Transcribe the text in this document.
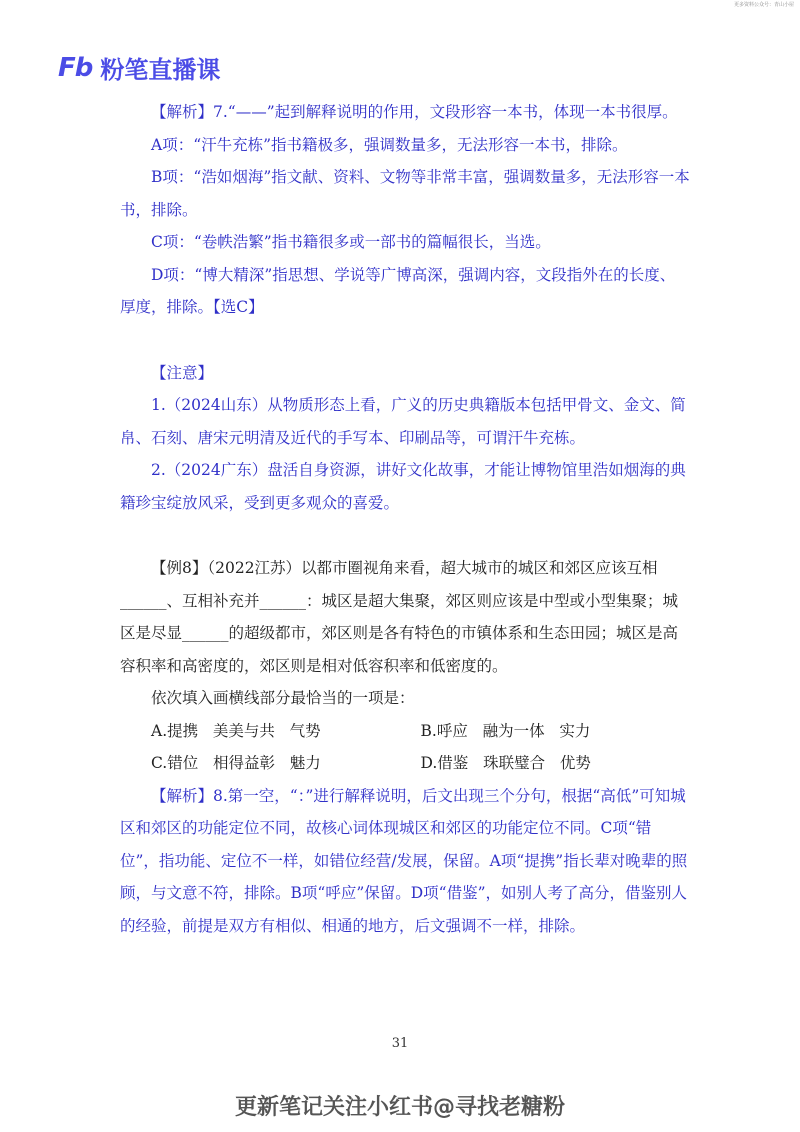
更多资料公众号：青山小屋
Fb 粉笔直播课

【解析】7.“——”起到解释说明的作用，文段形容一本书，体现一本书很厚。

A项：“汗牛充栋”指书籍极多，强调数量多，无法形容一本书，排除。

B项：“浩如烟海”指文献、资料、文物等非常丰富，强调数量多，无法形容一本书，排除。

C项：“卷帙浩繁”指书籍很多或一部书的篇幅很长，当选。

D项：“博大精深”指思想、学说等广博高深，强调内容，文段指外在的长度、厚度，排除。【选C】

【注意】

1.（2024山东）从物质形态上看，广义的历史典籍版本包括甲骨文、金文、简帛、石刻、唐宋元明清及近代的手写本、印刷品等，可谓汗牛充栋。

2.（2024广东）盘活自身资源，讲好文化故事，才能让博物馆里浩如烟海的典籍珍宝绽放风采，受到更多观众的喜爱。

【例8】（2022江苏）以都市圈视角来看，超大城市的城区和郊区应该互相______、互相补充并______：城区是超大集聚，郊区则应该是中型或小型集聚；城区是尽显______的超级都市，郊区则是各有特色的市镇体系和生态田园；城区是高容积率和高密度的，郊区则是相对低容积率和低密度的。

依次填入画横线部分最恰当的一项是：

A.提携   美美与共   气势	B.呼应   融为一体   实力
C.错位   相得益彰   魅力	D.借鉴   珠联璧合   优势

【解析】8.第一空，“：”进行解释说明，后文出现三个分句，根据“高低”可知城区和郊区的功能定位不同，故核心词体现城区和郊区的功能定位不同。C项“错位”，指功能、定位不一样，如错位经营/发展，保留。A项“提携”指长辈对晚辈的照顾，与文意不符，排除。B项“呼应”保留。D项“借鉴”，如别人考了高分，借鉴别人的经验，前提是双方有相似、相通的地方，后文强调不一样，排除。

31
更新笔记关注小红书@寻找老糖粉
